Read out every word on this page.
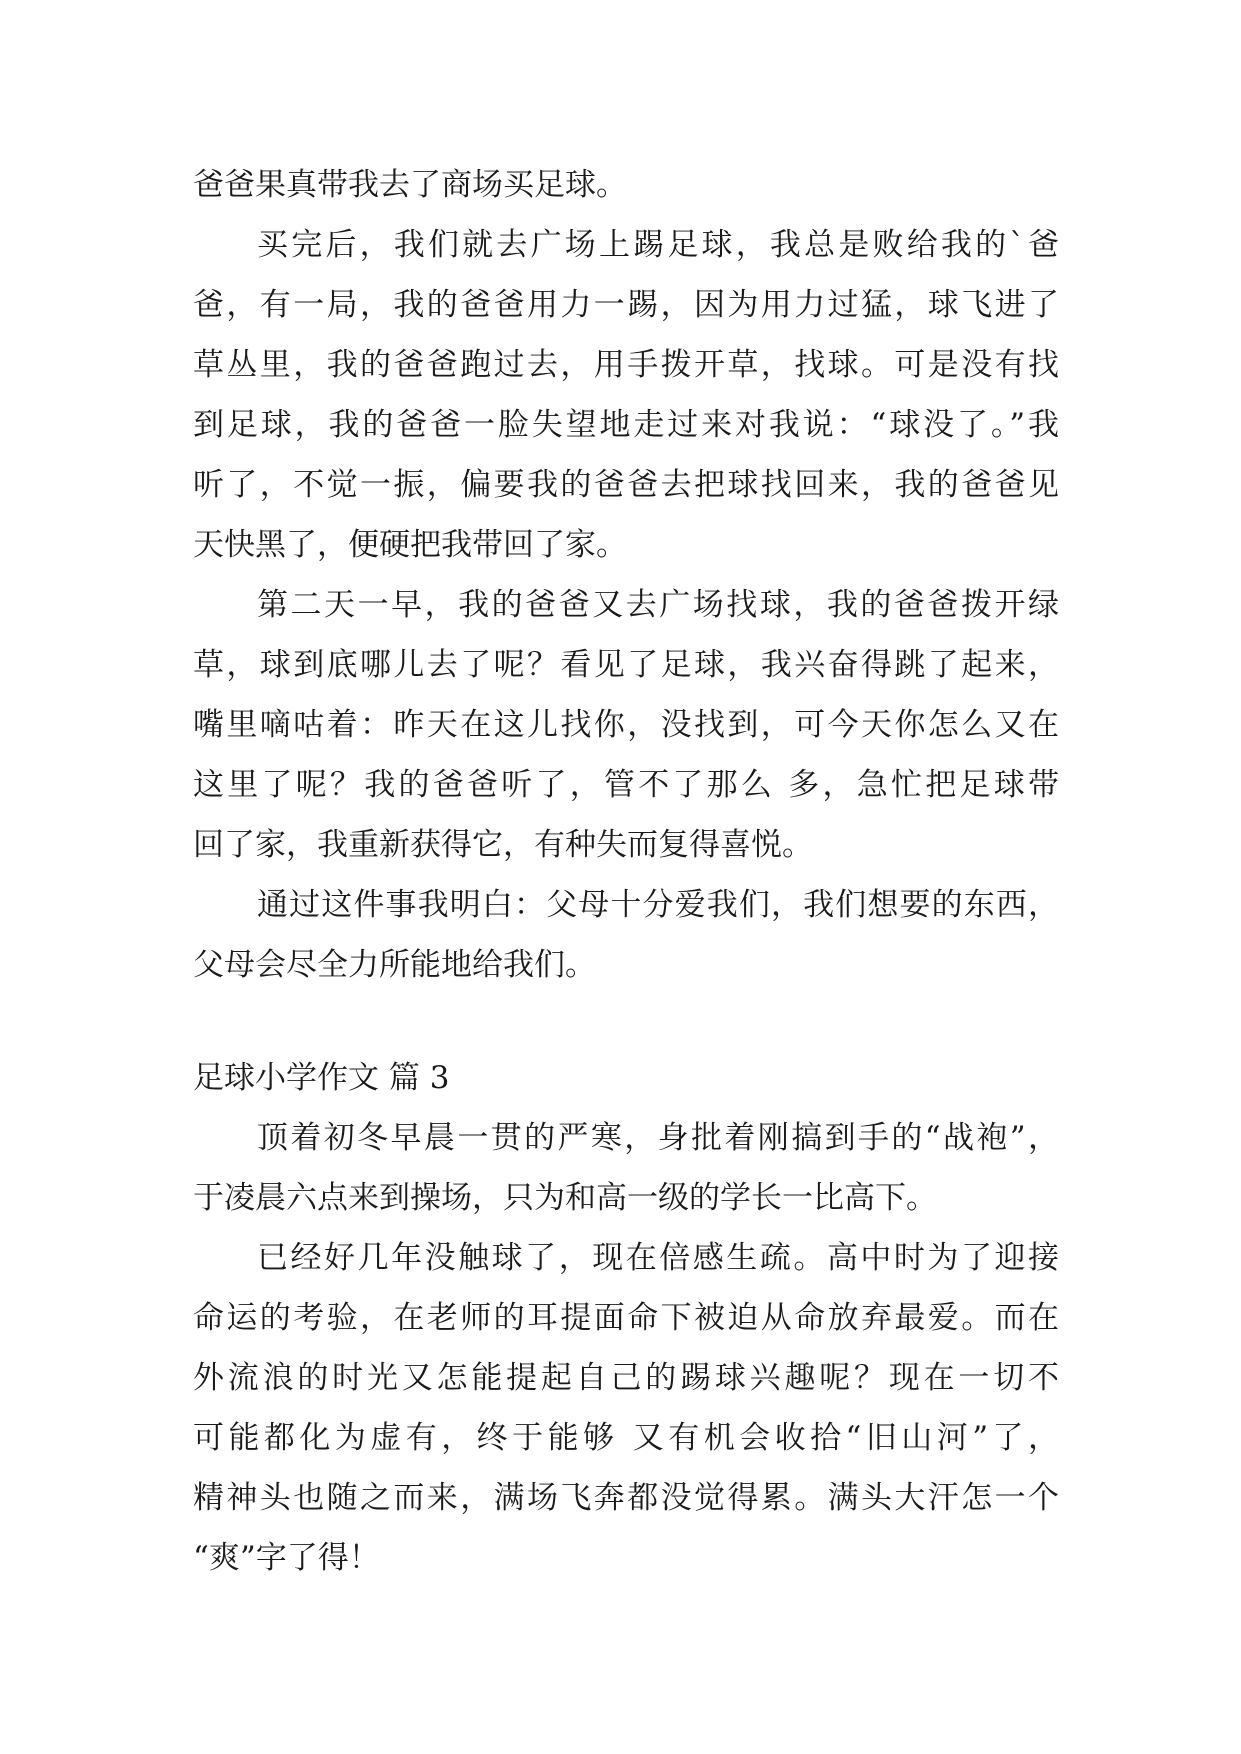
爸爸果真带我去了商场买足球。
买完后，我们就去广场上踢足球，我总是败给我的`爸
爸，有一局，我的爸爸用力一踢，因为用力过猛，球飞进了
草丛里，我的爸爸跑过去，用手拨开草，找球。可是没有找
到足球，我的爸爸一脸失望地走过来对我说：“球没了。”我
听了，不觉一振，偏要我的爸爸去把球找回来，我的爸爸见
天快黑了，便硬把我带回了家。
第二天一早，我的爸爸又去广场找球，我的爸爸拨开绿
草，球到底哪儿去了呢？看见了足球，我兴奋得跳了起来，
嘴里嘀咕着：昨天在这儿找你，没找到，可今天你怎么又在
这里了呢？我的爸爸听了，管不了那么 多，急忙把足球带
回了家，我重新获得它，有种失而复得喜悦。
通过这件事我明白：父母十分爱我们，我们想要的东西，
父母会尽全力所能地给我们。
足球小学作文 篇 3
顶着初冬早晨一贯的严寒，身批着刚搞到手的“战袍”，
于凌晨六点来到操场，只为和高一级的学长一比高下。
已经好几年没触球了，现在倍感生疏。高中时为了迎接
命运的考验，在老师的耳提面命下被迫从命放弃最爱。而在
外流浪的时光又怎能提起自己的踢球兴趣呢？现在一切不
可能都化为虚有，终于能够 又有机会收拾“旧山河”了，
精神头也随之而来，满场飞奔都没觉得累。满头大汗怎一个
“爽”字了得！
